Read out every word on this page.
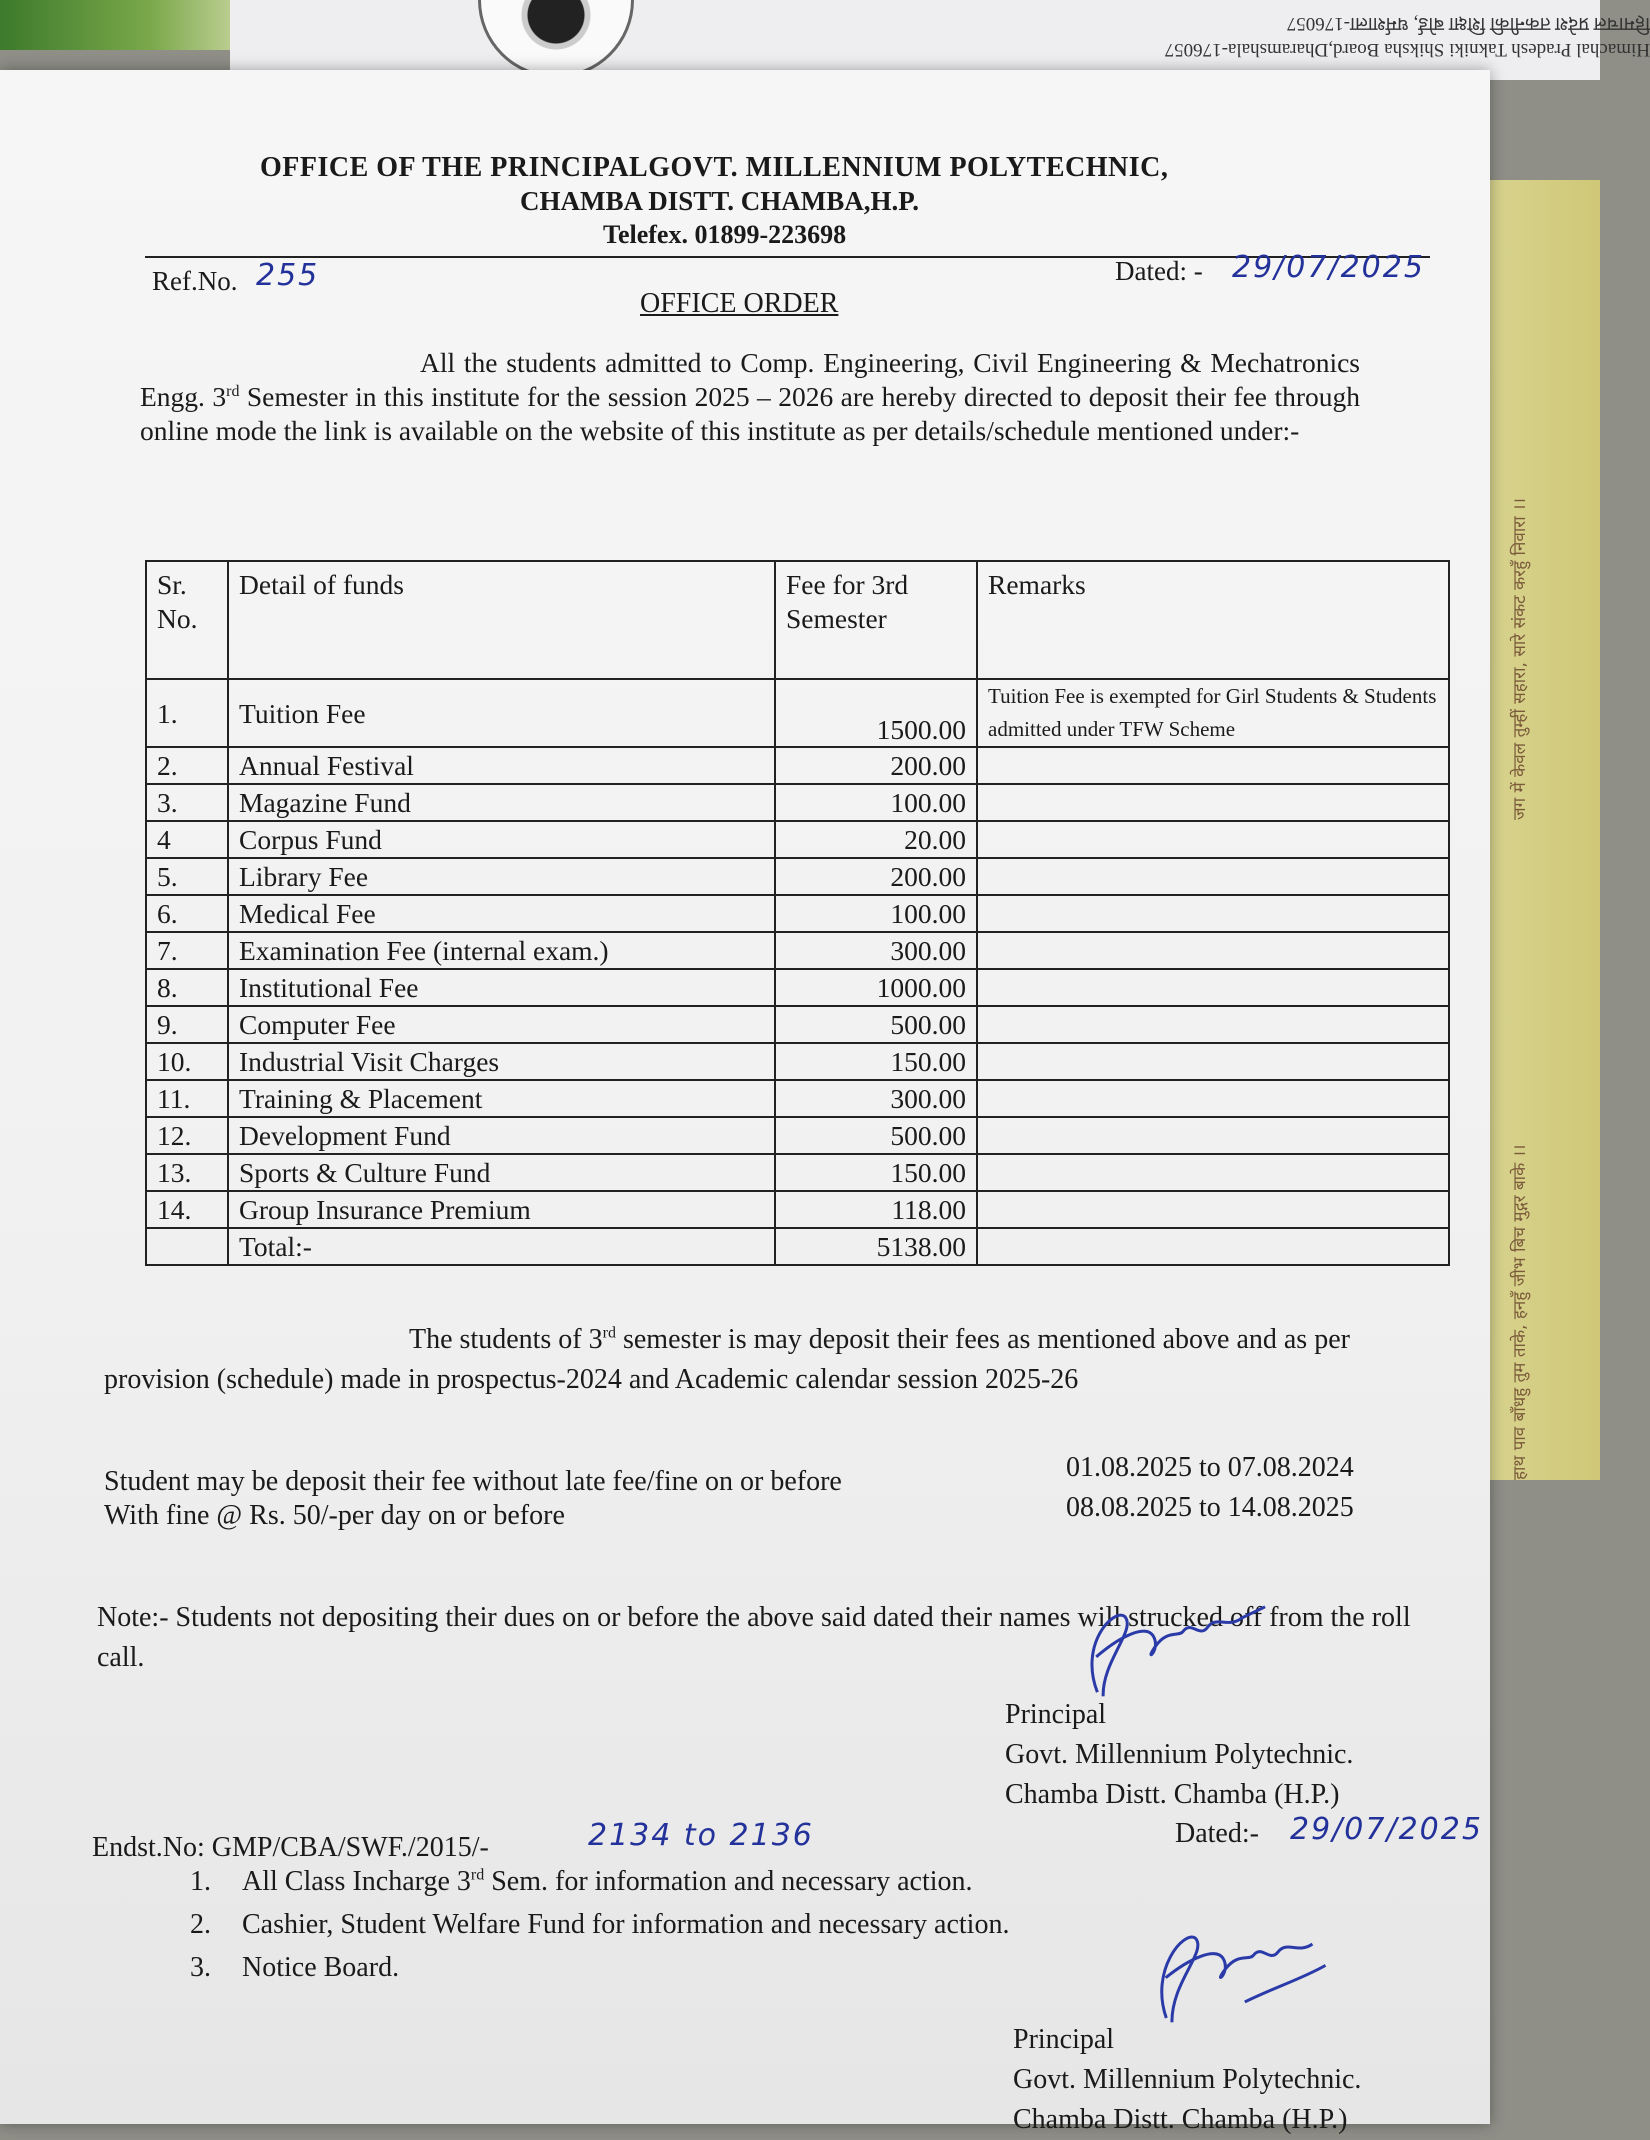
Himachal Pradesh Takniki Shiksha Board,Dharamshala-176057
हिमाचल प्रदेश तकनीकी शिक्षा बोर्ड, धर्मशाला-176057
जग में केवल तुम्हीं सहारा, सारे संकट करहुँ निवारा ।।
हाथ पाव बाँधहु तुम ताके, हनहुँ जीभ बिच मुद्गर बाके ।।

OFFICE OF THE PRINCIPALGOVT. MILLENNIUM POLYTECHNIC,

CHAMBA DISTT. CHAMBA,H.P.

Telefex. 01899-223698

Ref.No. 255	Dated: - 29/07/2025

OFFICE ORDER

All the students admitted to Comp. Engineering, Civil Engineering & Mechatronics Engg. 3rd Semester in this institute for the session 2025 – 2026 are hereby directed to deposit their fee through online mode the link is available on the website of this institute as per details/schedule mentioned under:-

Sr. No.	Detail of funds	Fee for 3rd Semester	Remarks
1.	Tuition Fee	1500.00	Tuition Fee is exempted for Girl Students & Students admitted under TFW Scheme
2.	Annual Festival	200.00	
3.	Magazine Fund	100.00	
4	Corpus Fund	20.00	
5.	Library Fee	200.00	
6.	Medical Fee	100.00	
7.	Examination Fee (internal exam.)	300.00	
8.	Institutional Fee	1000.00	
9.	Computer Fee	500.00	
10.	Industrial Visit Charges	150.00	
11.	Training & Placement	300.00	
12.	Development Fund	500.00	
13.	Sports & Culture Fund	150.00	
14.	Group Insurance Premium	118.00	
	Total:-	5138.00	

The students of 3rd semester is may deposit their fees as mentioned above and as per provision (schedule) made in prospectus-2024 and Academic calendar session 2025-26

Student may be deposit their fee without late fee/fine on or before	01.08.2025 to 07.08.2024

With fine @ Rs. 50/-per day on or before	08.08.2025 to 14.08.2025

Note:- Students not depositing their dues on or before the above said dated their names will strucked off from the roll call.

Principal
Govt. Millennium Polytechnic.
Chamba Distt. Chamba (H.P.)

Endst.No: GMP/CBA/SWF./2015/-	2134 to 2136	Dated:- 29/07/2025

1. All Class Incharge 3rd Sem. for information and necessary action.
2. Cashier, Student Welfare Fund for information and necessary action.
3. Notice Board.
Principal
Govt. Millennium Polytechnic.
Chamba Distt. Chamba (H.P.)
